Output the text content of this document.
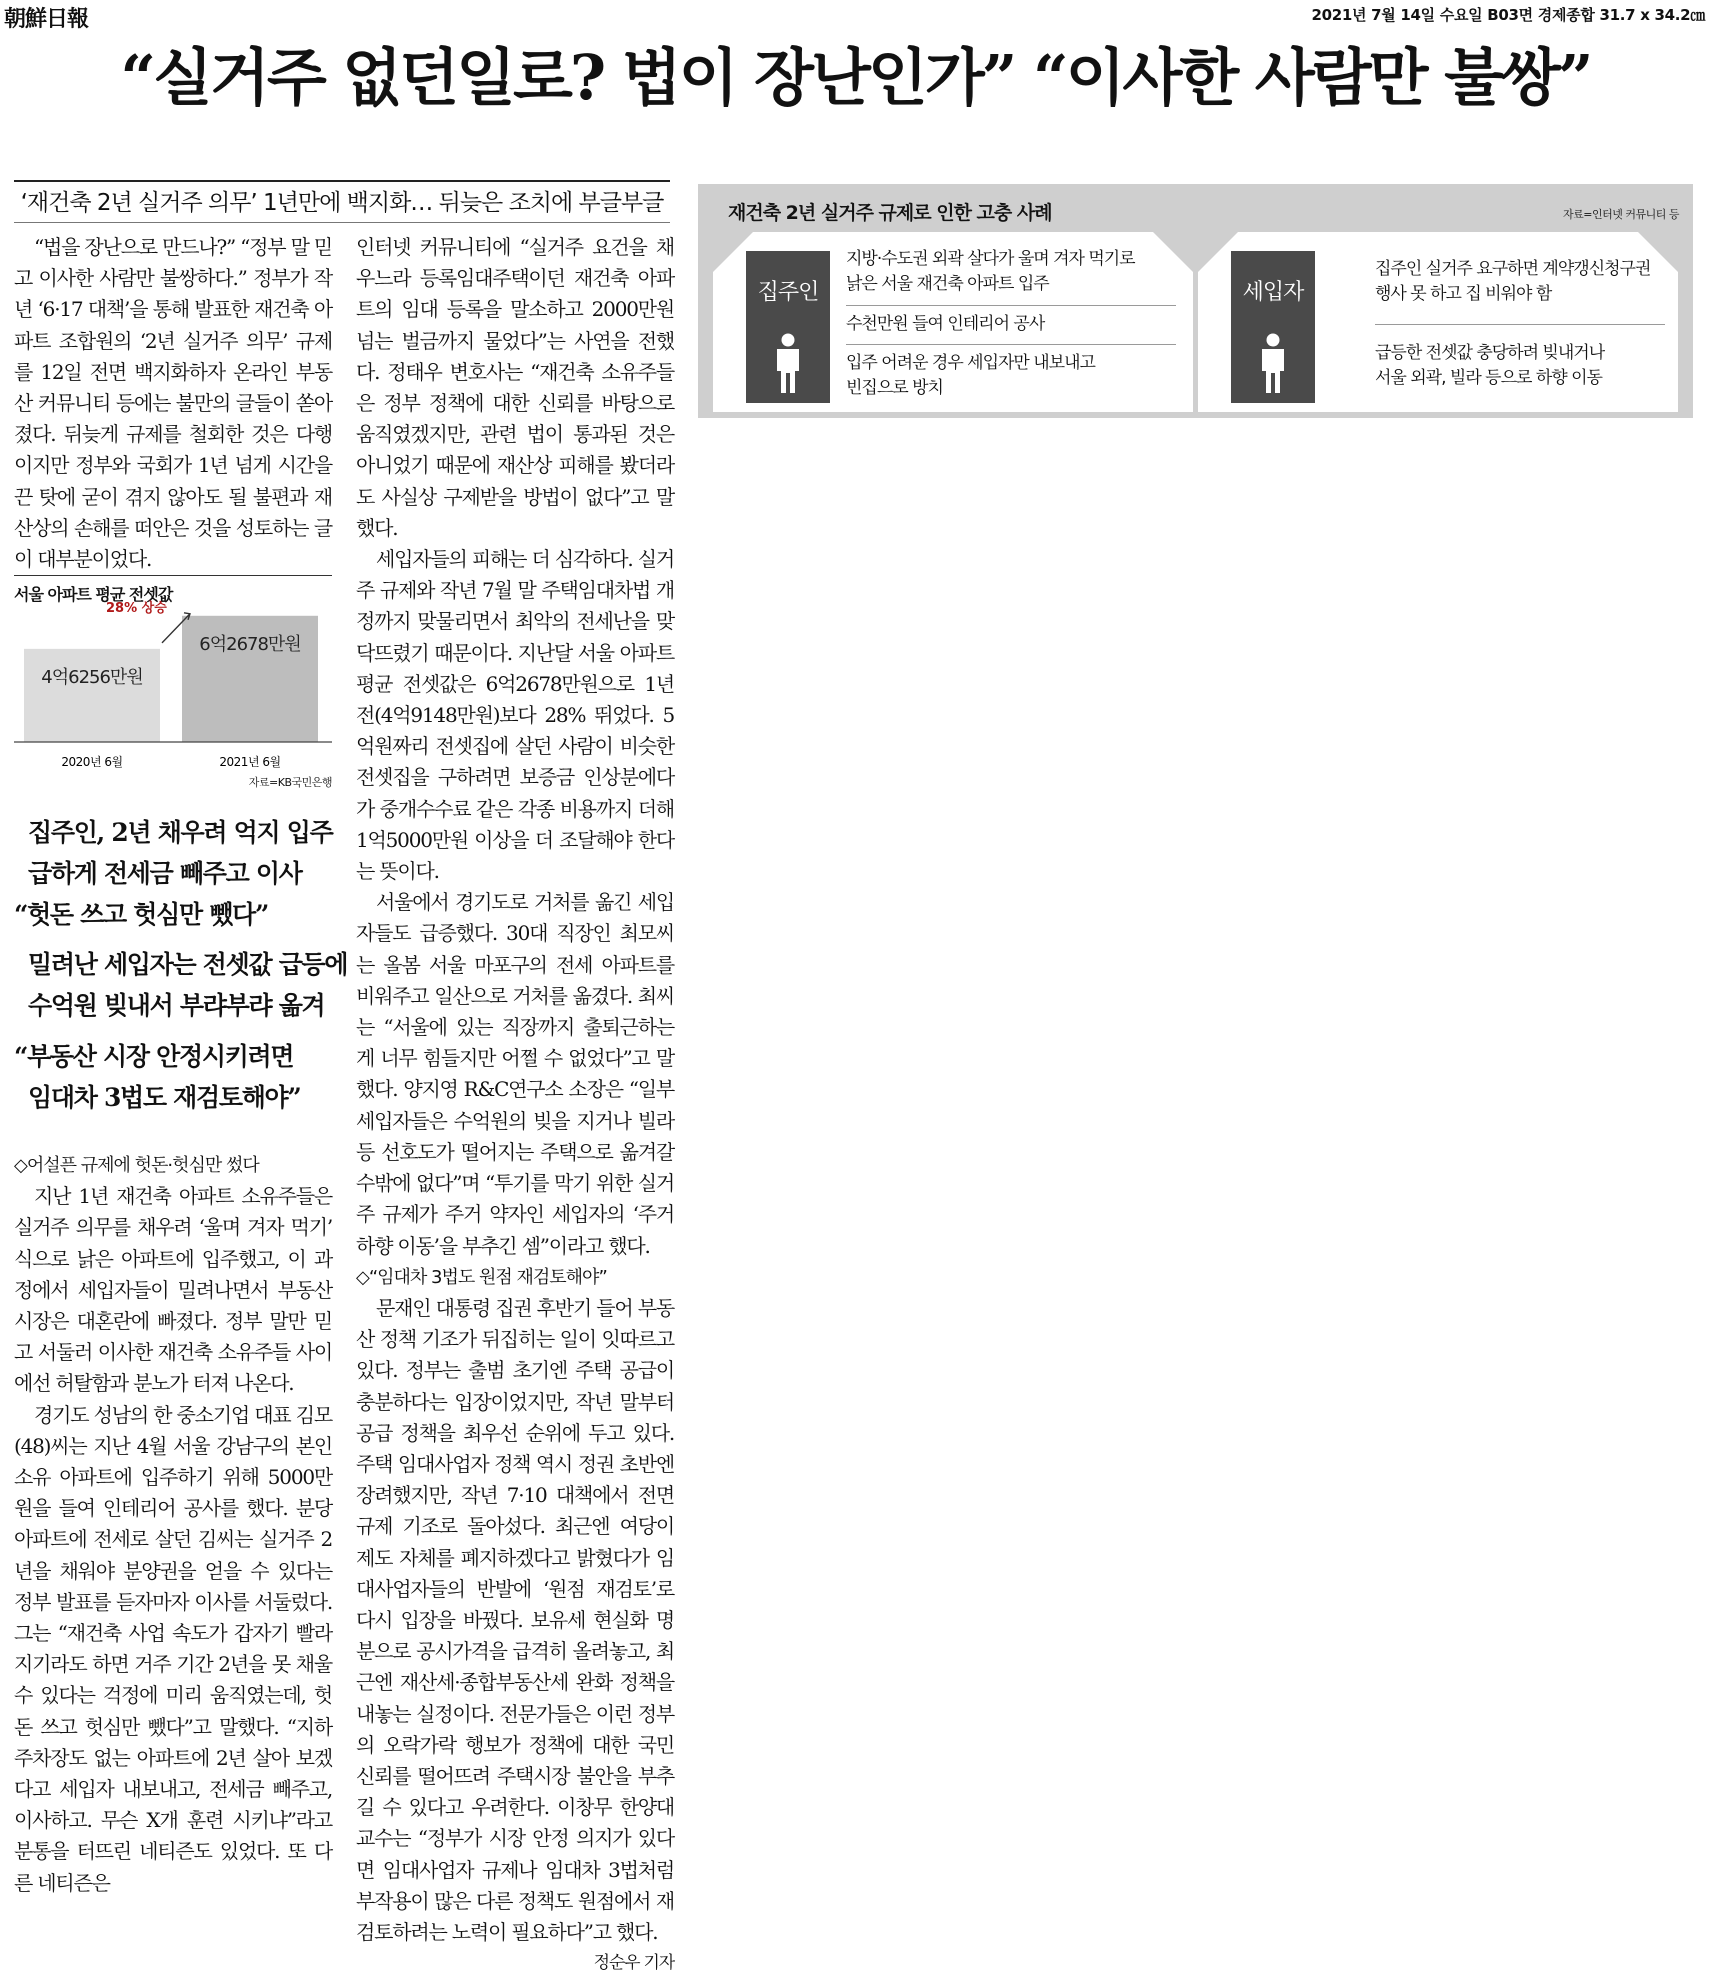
朝鮮日報	2021년 7월 14일 수요일 B03면 경제종합 31.7 x 34.2㎝
“실거주 없던일로? 법이 장난인가” “이사한 사람만 불쌍”
‘재건축 2년 실거주 의무’ 1년만에 백지화… 뒤늦은 조치에 부글부글

“법을 장난으로 만드나?” “정부 말 믿고 이사한 사람만 불쌍하다.” 정부가 작년 ‘6·17 대책’을 통해 발표한 재건축 아파트 조합원의 ‘2년 실거주 의무’ 규제를 12일 전면 백지화하자 온라인 부동산 커뮤니티 등에는 불만의 글들이 쏟아졌다. 뒤늦게 규제를 철회한 것은 다행이지만 정부와 국회가 1년 넘게 시간을 끈 탓에 굳이 겪지 않아도 될 불편과 재산상의 손해를 떠안은 것을 성토하는 글이 대부분이었다.

서울 아파트 평균 전셋값
4억6256만원
2020년 6월
6억2678만원
2021년 6월
28% 상승
자료=KB국민은행
집주인, 2년 채우려 억지 입주
급하게 전세금 빼주고 이사
“헛돈 쓰고 헛심만 뺐다”
밀려난 세입자는 전셋값 급등에
수억원 빚내서 부랴부랴 옮겨
“부동산 시장 안정시키려면
임대차 3법도 재검토해야”

◇어설픈 규제에 헛돈·헛심만 썼다

지난 1년 재건축 아파트 소유주들은 실거주 의무를 채우려 ‘울며 겨자 먹기’ 식으로 낡은 아파트에 입주했고, 이 과정에서 세입자들이 밀려나면서 부동산 시장은 대혼란에 빠졌다. 정부 말만 믿고 서둘러 이사한 재건축 소유주들 사이에선 허탈함과 분노가 터져 나온다.

경기도 성남의 한 중소기업 대표 김모(48)씨는 지난 4월 서울 강남구의 본인 소유 아파트에 입주하기 위해 5000만원을 들여 인테리어 공사를 했다. 분당 아파트에 전세로 살던 김씨는 실거주 2년을 채워야 분양권을 얻을 수 있다는 정부 발표를 듣자마자 이사를 서둘렀다. 그는 “재건축 사업 속도가 갑자기 빨라지기라도 하면 거주 기간 2년을 못 채울 수 있다는 걱정에 미리 움직였는데, 헛돈 쓰고 헛심만 뺐다”고 말했다. “지하 주차장도 없는 아파트에 2년 살아 보겠다고 세입자 내보내고, 전세금 빼주고, 이사하고. 무슨 X개 훈련 시키냐”라고 분통을 터뜨린 네티즌도 있었다. 또 다른 네티즌은

인터넷 커뮤니티에 “실거주 요건을 채우느라 등록임대주택이던 재건축 아파트의 임대 등록을 말소하고 2000만원 넘는 벌금까지 물었다”는 사연을 전했다. 정태우 변호사는 “재건축 소유주들은 정부 정책에 대한 신뢰를 바탕으로 움직였겠지만, 관련 법이 통과된 것은 아니었기 때문에 재산상 피해를 봤더라도 사실상 구제받을 방법이 없다”고 말했다.

세입자들의 피해는 더 심각하다. 실거주 규제와 작년 7월 말 주택임대차법 개정까지 맞물리면서 최악의 전세난을 맞닥뜨렸기 때문이다. 지난달 서울 아파트 평균 전셋값은 6억2678만원으로 1년 전(4억9148만원)보다 28% 뛰었다. 5억원짜리 전셋집에 살던 사람이 비슷한 전셋집을 구하려면 보증금 인상분에다가 중개수수료 같은 각종 비용까지 더해 1억5000만원 이상을 더 조달해야 한다는 뜻이다.

서울에서 경기도로 거처를 옮긴 세입자들도 급증했다. 30대 직장인 최모씨는 올봄 서울 마포구의 전세 아파트를 비워주고 일산으로 거처를 옮겼다. 최씨는 “서울에 있는 직장까지 출퇴근하는 게 너무 힘들지만 어쩔 수 없었다”고 말했다. 양지영 R&C연구소 소장은 “일부 세입자들은 수억원의 빚을 지거나 빌라 등 선호도가 떨어지는 주택으로 옮겨갈 수밖에 없다”며 “투기를 막기 위한 실거주 규제가 주거 약자인 세입자의 ‘주거 하향 이동’을 부추긴 셈”이라고 했다.

◇“임대차 3법도 원점 재검토해야”

문재인 대통령 집권 후반기 들어 부동산 정책 기조가 뒤집히는 일이 잇따르고 있다. 정부는 출범 초기엔 주택 공급이 충분하다는 입장이었지만, 작년 말부터 공급 정책을 최우선 순위에 두고 있다. 주택 임대사업자 정책 역시 정권 초반엔 장려했지만, 작년 7·10 대책에서 전면 규제 기조로 돌아섰다. 최근엔 여당이 제도 자체를 폐지하겠다고 밝혔다가 임대사업자들의 반발에 ‘원점 재검토’로 다시 입장을 바꿨다. 보유세 현실화 명분으로 공시가격을 급격히 올려놓고, 최근엔 재산세·종합부동산세 완화 정책을 내놓는 실정이다. 전문가들은 이런 정부의 오락가락 행보가 정책에 대한 국민 신뢰를 떨어뜨려 주택시장 불안을 부추길 수 있다고 우려한다. 이창무 한양대 교수는 “정부가 시장 안정 의지가 있다면 임대사업자 규제나 임대차 3법처럼 부작용이 많은 다른 정책도 원점에서 재검토하려는 노력이 필요하다”고 했다.
정순우 기자

재건축 2년 실거주 규제로 인한 고충 사례	자료=인터넷 커뮤니티 등
집주인
지방·수도권 외곽 살다가 울며 겨자 먹기로
낡은 서울 재건축 아파트 입주
수천만원 들여 인테리어 공사
입주 어려운 경우 세입자만 내보내고
빈집으로 방치
세입자
집주인 실거주 요구하면 계약갱신청구권
행사 못 하고 집 비워야 함
급등한 전셋값 충당하려 빚내거나
서울 외곽, 빌라 등으로 하향 이동
